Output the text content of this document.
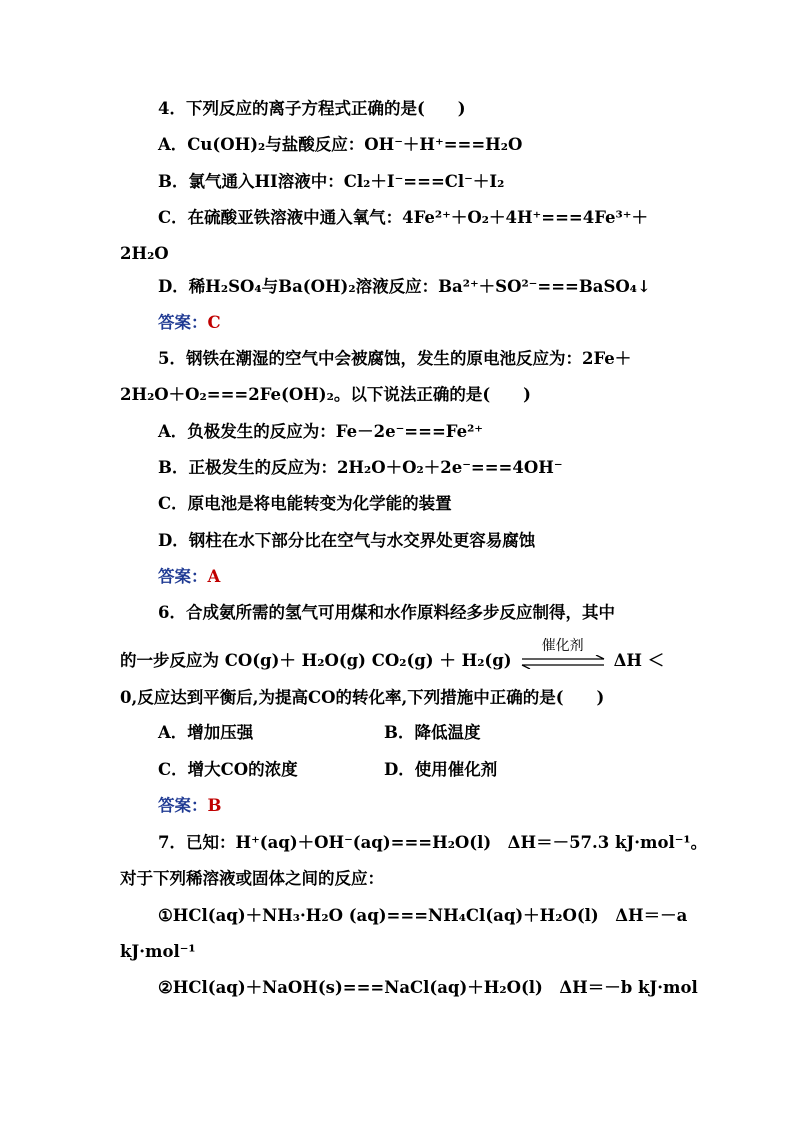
4．下列反应的离子方程式正确的是(　　)
A．Cu(OH)₂与盐酸反应：OH⁻＋H⁺===H₂O
B．氯气通入HI溶液中：Cl₂＋I⁻===Cl⁻＋I₂
C．在硫酸亚铁溶液中通入氧气：4Fe²⁺＋O₂＋4H⁺===4Fe³⁺＋
2H₂O
D．稀H₂SO₄与Ba(OH)₂溶液反应：Ba²⁺＋SO²⁻===BaSO₄↓
答案：C
5．钢铁在潮湿的空气中会被腐蚀，发生的原电池反应为：2Fe＋
2H₂O＋O₂===2Fe(OH)₂。以下说法正确的是(　　)
A．负极发生的反应为：Fe－2e⁻===Fe²⁺
B．正极发生的反应为：2H₂O＋O₂＋2e⁻===4OH⁻
C．原电池是将电能转变为化学能的装置
D．钢柱在水下部分比在空气与水交界处更容易腐蚀
答案：A
6．合成氨所需的氢气可用煤和水作原料经多步反应制得，其中
的一步反应为 CO(g)＋ H₂O(g) CO₂(g) ＋ H₂(g)
催化剂
ΔH ＜
0,反应达到平衡后,为提高CO的转化率,下列措施中正确的是(　　)
A．增加压强	B．降低温度
C．增大CO的浓度	D．使用催化剂
答案：B
7．已知：H⁺(aq)＋OH⁻(aq)===H₂O(l)　ΔH＝－57.3 kJ·mol⁻¹。
对于下列稀溶液或固体之间的反应：
①HCl(aq)＋NH₃·H₂O (aq)===NH₄Cl(aq)＋H₂O(l)　ΔH＝－a
kJ·mol⁻¹
②HCl(aq)＋NaOH(s)===NaCl(aq)＋H₂O(l)　ΔH＝－b kJ·mol
